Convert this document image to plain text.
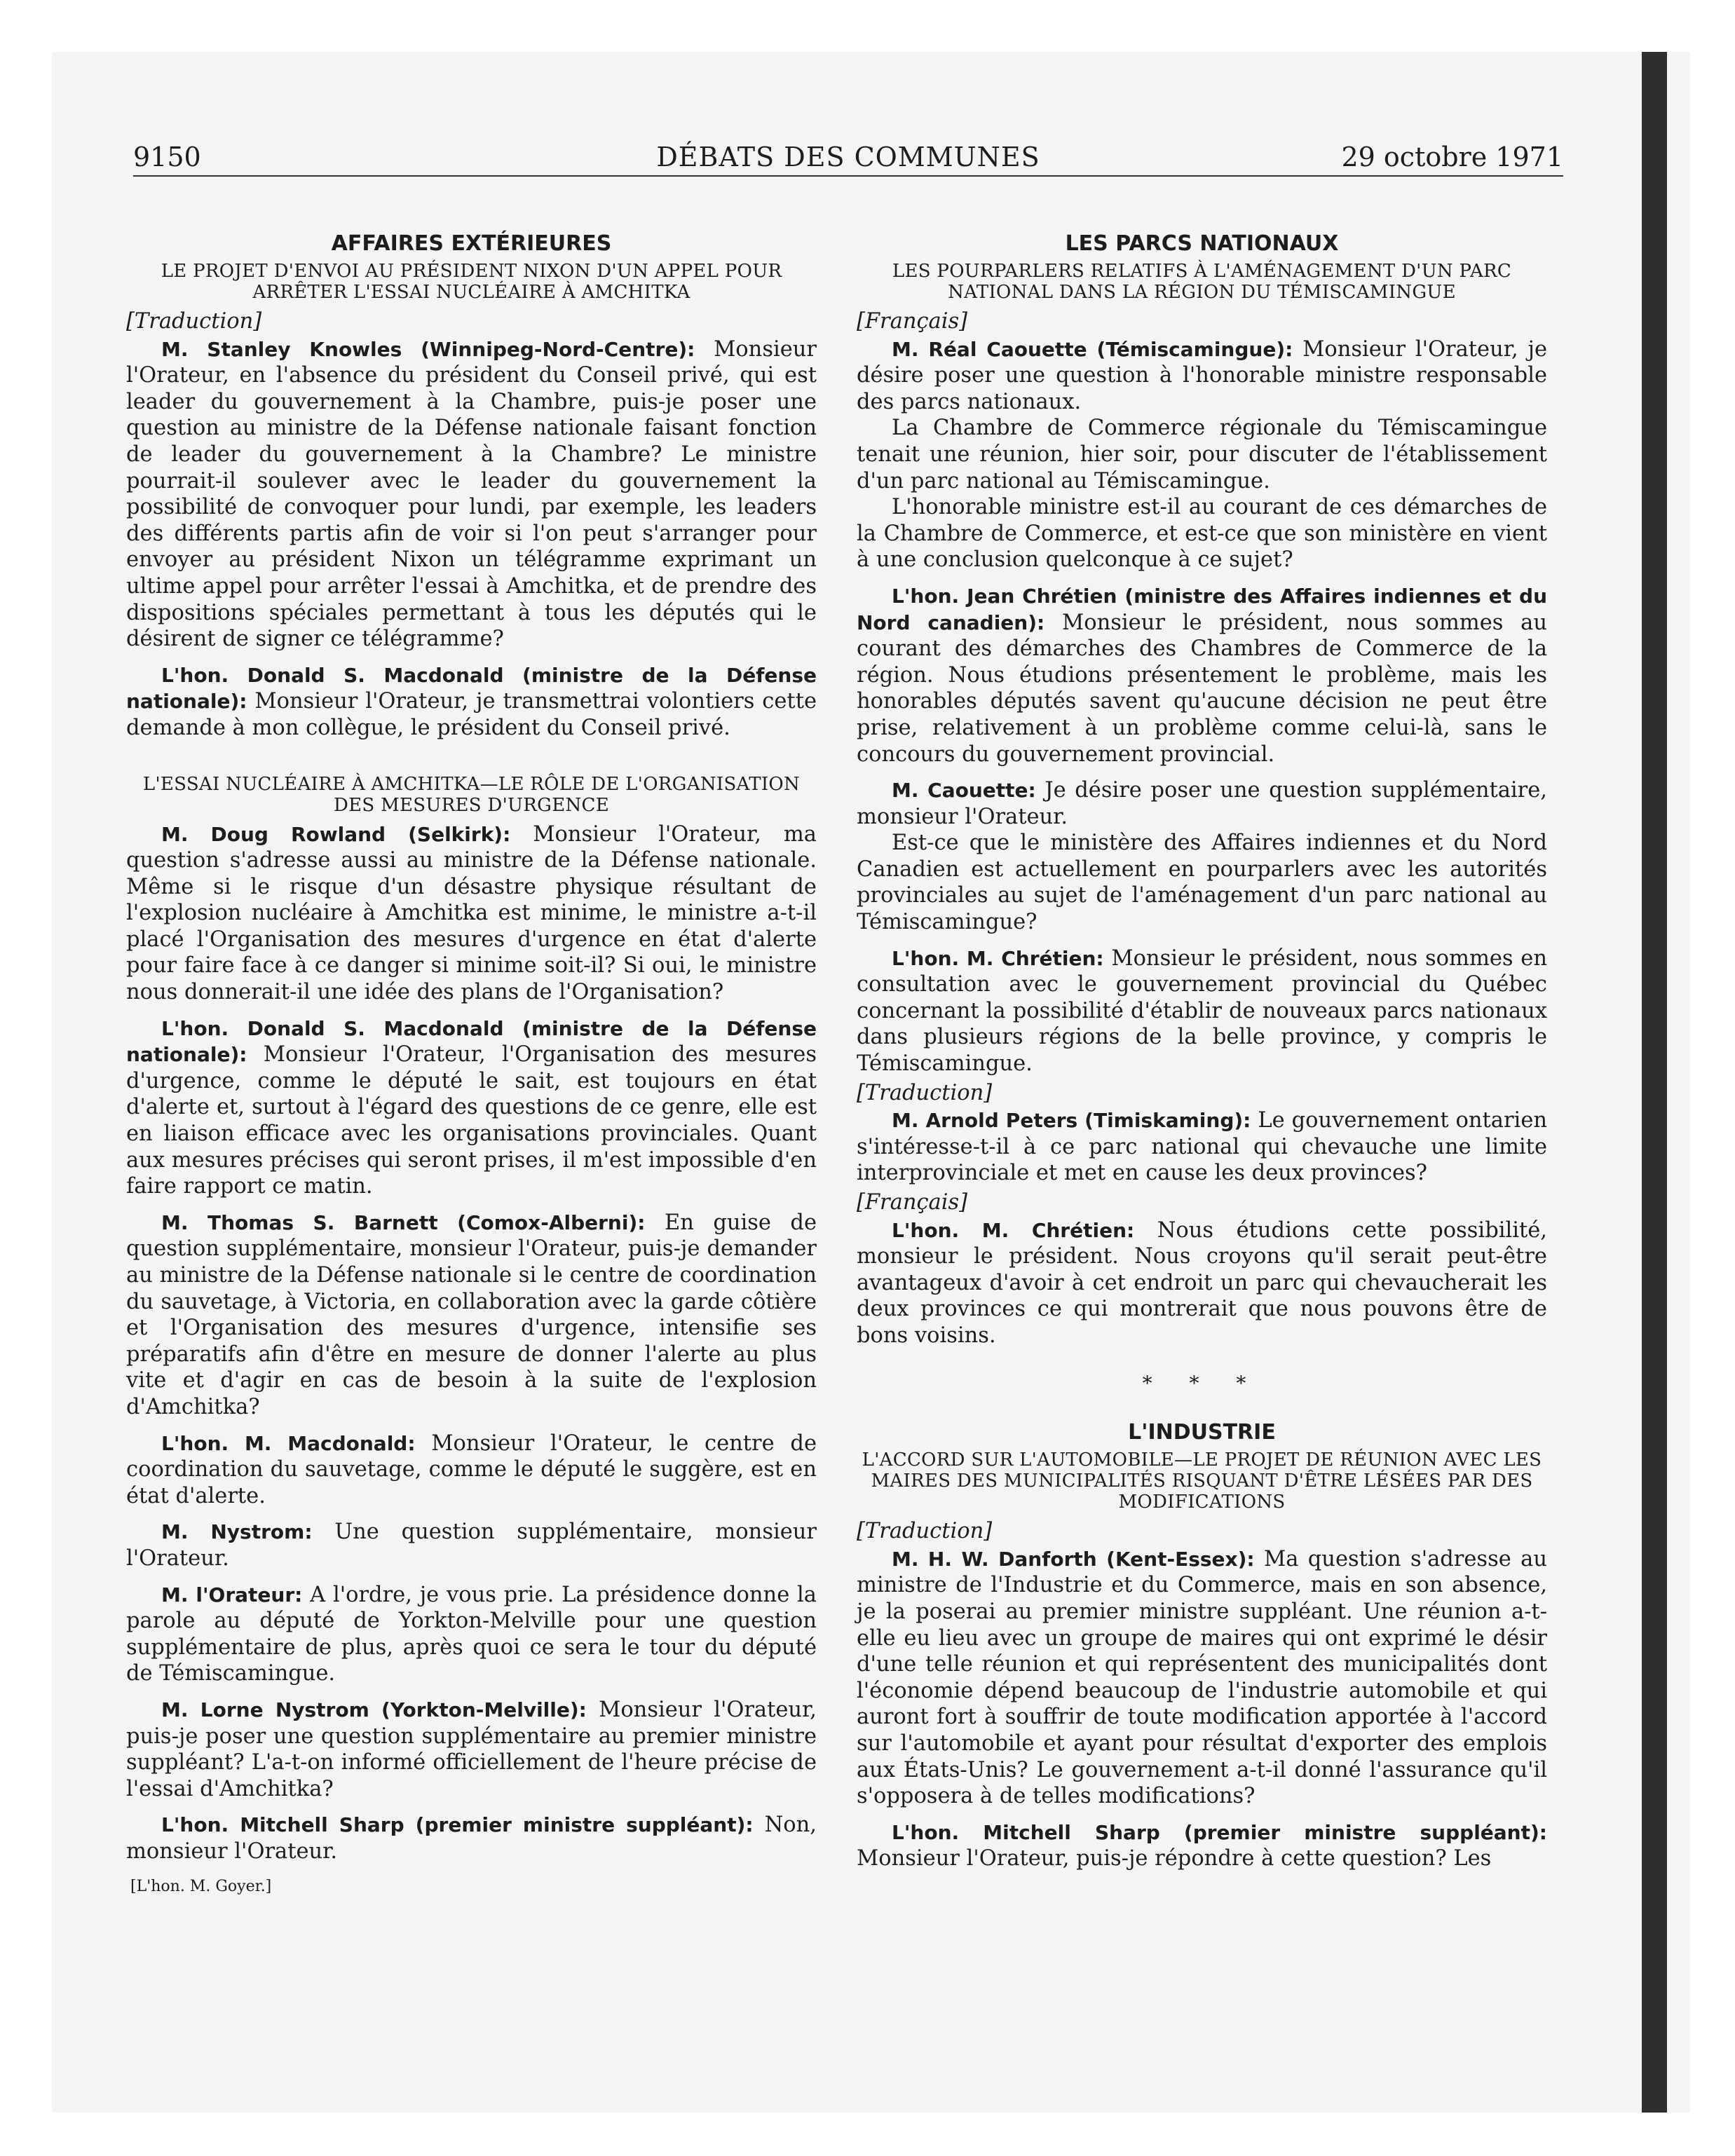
9150	DÉBATS DES COMMUNES	29 octobre 1971
AFFAIRES EXTÉRIEURES
LE PROJET D'ENVOI AU PRÉSIDENT NIXON D'UN APPEL POUR ARRÊTER L'ESSAI NUCLÉAIRE À AMCHITKA
[Traduction]

M. Stanley Knowles (Winnipeg-Nord-Centre): Monsieur l'Orateur, en l'absence du président du Conseil privé, qui est leader du gouvernement à la Chambre, puis-je poser une question au ministre de la Défense nationale faisant fonction de leader du gouvernement à la Chambre? Le ministre pourrait-il soulever avec le leader du gouvernement la possibilité de convoquer pour lundi, par exemple, les leaders des différents partis afin de voir si l'on peut s'arranger pour envoyer au président Nixon un télégramme exprimant un ultime appel pour arrêter l'essai à Amchitka, et de prendre des dispositions spéciales permettant à tous les députés qui le désirent de signer ce télégramme?

L'hon. Donald S. Macdonald (ministre de la Défense nationale): Monsieur l'Orateur, je transmettrai volontiers cette demande à mon collègue, le président du Conseil privé.

L'ESSAI NUCLÉAIRE À AMCHITKA—LE RÔLE DE L'ORGANISATION DES MESURES D'URGENCE

M. Doug Rowland (Selkirk): Monsieur l'Orateur, ma question s'adresse aussi au ministre de la Défense nationale. Même si le risque d'un désastre physique résultant de l'explosion nucléaire à Amchitka est minime, le ministre a-t-il placé l'Organisation des mesures d'urgence en état d'alerte pour faire face à ce danger si minime soit-il? Si oui, le ministre nous donnerait-il une idée des plans de l'Organisation?

L'hon. Donald S. Macdonald (ministre de la Défense nationale): Monsieur l'Orateur, l'Organisation des mesures d'urgence, comme le député le sait, est toujours en état d'alerte et, surtout à l'égard des questions de ce genre, elle est en liaison efficace avec les organisations provinciales. Quant aux mesures précises qui seront prises, il m'est impossible d'en faire rapport ce matin.

M. Thomas S. Barnett (Comox-Alberni): En guise de question supplémentaire, monsieur l'Orateur, puis-je demander au ministre de la Défense nationale si le centre de coordination du sauvetage, à Victoria, en collaboration avec la garde côtière et l'Organisation des mesures d'urgence, intensifie ses préparatifs afin d'être en mesure de donner l'alerte au plus vite et d'agir en cas de besoin à la suite de l'explosion d'Amchitka?

L'hon. M. Macdonald: Monsieur l'Orateur, le centre de coordination du sauvetage, comme le député le suggère, est en état d'alerte.

M. Nystrom: Une question supplémentaire, monsieur l'Orateur.

M. l'Orateur: A l'ordre, je vous prie. La présidence donne la parole au député de Yorkton-Melville pour une question supplémentaire de plus, après quoi ce sera le tour du député de Témiscamingue.

M. Lorne Nystrom (Yorkton-Melville): Monsieur l'Orateur, puis-je poser une question supplémentaire au premier ministre suppléant? L'a-t-on informé officiellement de l'heure précise de l'essai d'Amchitka?

L'hon. Mitchell Sharp (premier ministre suppléant): Non, monsieur l'Orateur.

[L'hon. M. Goyer.]
LES PARCS NATIONAUX
LES POURPARLERS RELATIFS À L'AMÉNAGEMENT D'UN PARC NATIONAL DANS LA RÉGION DU TÉMISCAMINGUE
[Français]

M. Réal Caouette (Témiscamingue): Monsieur l'Orateur, je désire poser une question à l'honorable ministre responsable des parcs nationaux.

La Chambre de Commerce régionale du Témiscamingue tenait une réunion, hier soir, pour discuter de l'établissement d'un parc national au Témiscamingue.

L'honorable ministre est-il au courant de ces démarches de la Chambre de Commerce, et est-ce que son ministère en vient à une conclusion quelconque à ce sujet?

L'hon. Jean Chrétien (ministre des Affaires indiennes et du Nord canadien): Monsieur le président, nous sommes au courant des démarches des Chambres de Commerce de la région. Nous étudions présentement le problème, mais les honorables députés savent qu'aucune décision ne peut être prise, relativement à un problème comme celui-là, sans le concours du gouvernement provincial.

M. Caouette: Je désire poser une question supplémentaire, monsieur l'Orateur.

Est-ce que le ministère des Affaires indiennes et du Nord Canadien est actuellement en pourparlers avec les autorités provinciales au sujet de l'aménagement d'un parc national au Témiscamingue?

L'hon. M. Chrétien: Monsieur le président, nous sommes en consultation avec le gouvernement provincial du Québec concernant la possibilité d'établir de nouveaux parcs nationaux dans plusieurs régions de la belle province, y compris le Témiscamingue.

[Traduction]

M. Arnold Peters (Timiskaming): Le gouvernement ontarien s'intéresse-t-il à ce parc national qui chevauche une limite interprovinciale et met en cause les deux provinces?

[Français]

L'hon. M. Chrétien: Nous étudions cette possibilité, monsieur le président. Nous croyons qu'il serait peut-être avantageux d'avoir à cet endroit un parc qui chevaucherait les deux provinces ce qui montrerait que nous pouvons être de bons voisins.

* * *
L'INDUSTRIE
L'ACCORD SUR L'AUTOMOBILE—LE PROJET DE RÉUNION AVEC LES MAIRES DES MUNICIPALITÉS RISQUANT D'ÊTRE LÉSÉES PAR DES MODIFICATIONS
[Traduction]

M. H. W. Danforth (Kent-Essex): Ma question s'adresse au ministre de l'Industrie et du Commerce, mais en son absence, je la poserai au premier ministre suppléant. Une réunion a-t-elle eu lieu avec un groupe de maires qui ont exprimé le désir d'une telle réunion et qui représentent des municipalités dont l'économie dépend beaucoup de l'industrie automobile et qui auront fort à souffrir de toute modification apportée à l'accord sur l'automobile et ayant pour résultat d'exporter des emplois aux États-Unis? Le gouvernement a-t-il donné l'assurance qu'il s'opposera à de telles modifications?

L'hon. Mitchell Sharp (premier ministre suppléant): Monsieur l'Orateur, puis-je répondre à cette question? Les
